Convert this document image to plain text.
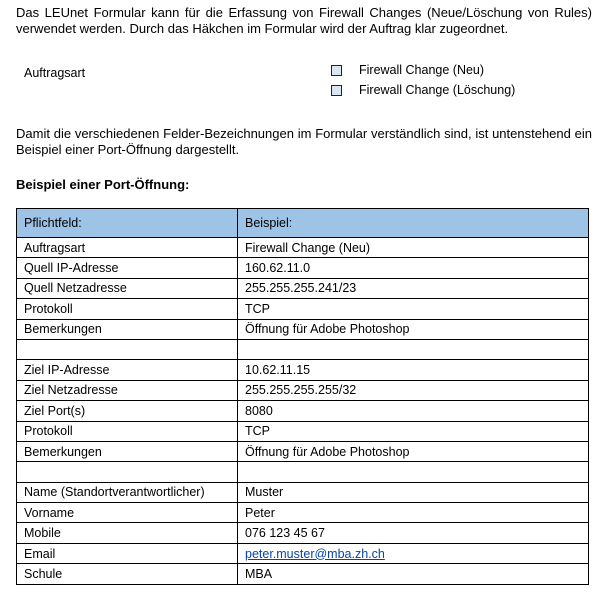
Das LEUnet Formular kann für die Erfassung von Firewall Changes (Neue/Löschung von Rules) verwendet werden. Durch das Häkchen im Formular wird der Auftrag klar zugeordnet.

Auftragsart	Firewall Change (Neu)
Firewall Change (Löschung)

Damit die verschiedenen Felder-Bezeichnungen im Formular verständlich sind, ist untenstehend ein Beispiel einer Port-Öffnung dargestellt.

Beispiel einer Port-Öffnung:
Pflichtfeld:	Beispiel:
Auftragsart	Firewall Change (Neu)
Quell IP-Adresse	160.62.11.0
Quell Netzadresse	255.255.255.241/23
Protokoll	TCP
Bemerkungen	Öffnung für Adobe Photoshop

Ziel IP-Adresse	10.62.11.15
Ziel Netzadresse	255.255.255.255/32
Ziel Port(s)	8080
Protokoll	TCP
Bemerkungen	Öffnung für Adobe Photoshop

Name (Standortverantwortlicher)	Muster
Vorname	Peter
Mobile	076 123 45 67
Email	peter.muster@mba.zh.ch
Schule	MBA
